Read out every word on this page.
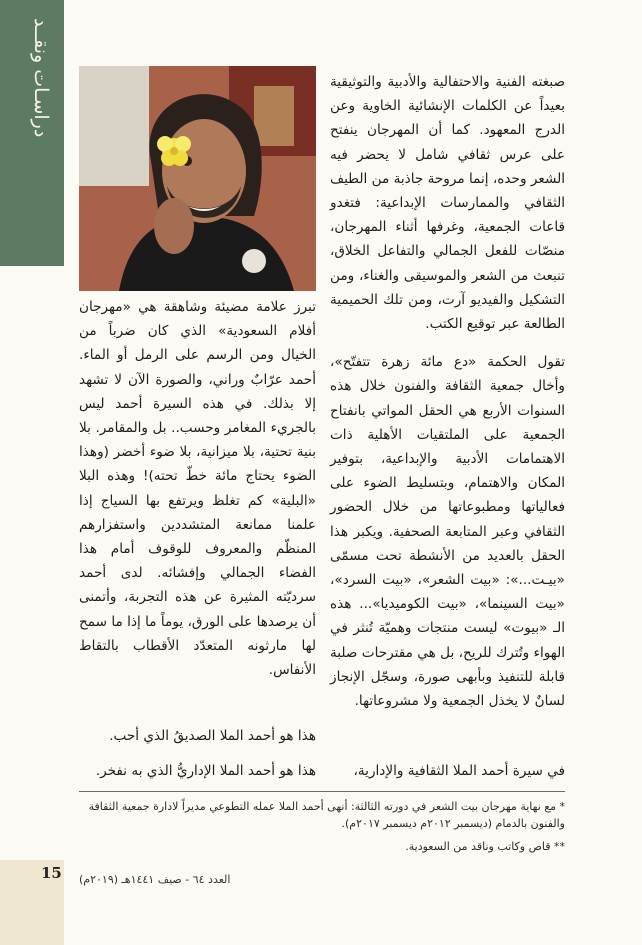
دراسـات ونقــد	صبغته الفنية والاحتفالية والأدبية والتوثيقية بعيداً عن الكلمات الإنشائية الخاوية وعن الدرج المعهود. كما أن المهرجان ينفتح على عرس ثقافي شامل لا يحضر فيه الشعر وحده، إنما مروحة جاذبة من الطيف الثقافي والممارسات الإبداعية: فتغدو قاعات الجمعية، وغرفها أثناء المهرجان، منصّات للفعل الجمالي والتفاعل الخلاق، تنبعث من الشعر والموسيقى والغناء، ومن التشكيل والفيديو آرت، ومن تلك الحميمية الطالعة عبر توقيع الكتب.

تقول الحكمة «دع مائة زهرة تتفتّح»، وأخال جمعية الثقافة والفنون خلال هذه السنوات الأربع هي الحقل المواتي بانفتاح الجمعية على الملتقيات الأهلية ذات الاهتمامات الأدبية والإبداعية، بتوفير المكان والاهتمام، وبتسليط الضوء على فعالياتها ومطبوعاتها من خلال الحضور الثقافي وعبر المتابعة الصحفية. ويكبر هذا الحقل بالعديد من الأنشطة تحت مسمّى «بيـت...»: «بيت الشعر»، «بيت السرد»، «بيت السينما»، «بيت الكوميديا»... هذه الـ «بيوت» ليست منتجات وهميّة تُنثر في الهواء وتُترك للريح، بل هي مقترحات صلبة قابلة للتنفيذ وبأبهى صورة، وسجّل الإنجاز لسانٌ لا يخذل الجمعية ولا مشروعاتها.

تبرز علامة مضيئة وشاهقة هي «مهرجان أفلام السعودية» الذي كان ضرباً من الخيال ومن الرسم على الرمل أو الماء. أحمد عرّابٌ وراني، والصورة الآن لا تشهد إلا بذلك. في هذه السيرة أحمد ليس بالجريء المغامر وحسب.. بل والمقامر. بلا بنية تحتية، بلا ميزانية، بلا ضوء أخضر (وهذا الضوء يحتاج مائة خطّ تحته)! وهذه البلا «البلية» كم تغلظ ويرتفع بها السياج إذا علمنا ممانعة المتشددين واستفزارهم المنظّم والمعروف للوقوف أمام هذا الفضاء الجمالي وإفشائه. لدى أحمد سرديّته المثيرة عن هذه التجربة، وأتمنى أن يرصدها على الورق، يوماً ما إذا ما سمح لها مارثونه المتعدّد الأقطاب بالتقاط الأنفاس.

هذا هو أحمد الملا الصديقُ الذي أحب.
هذا هو أحمد الملا الإداريُّ الذي به نفخر.	في سيرة أحمد الملا الثقافية والإدارية،

* مع نهاية مهرجان بيت الشعر في دورته الثالثة: أنهى أحمد الملا عمله التطوعي مديراً لادارة جمعية الثقافة والفنون بالدمام (ديسمبر ٢٠١٢م ديسمبر ٢٠١٧م).

** قاص وكاتب وناقد من السعودية.

العدد ٦٤ - صيف ١٤٤١هـ (٢٠١٩م)
15
